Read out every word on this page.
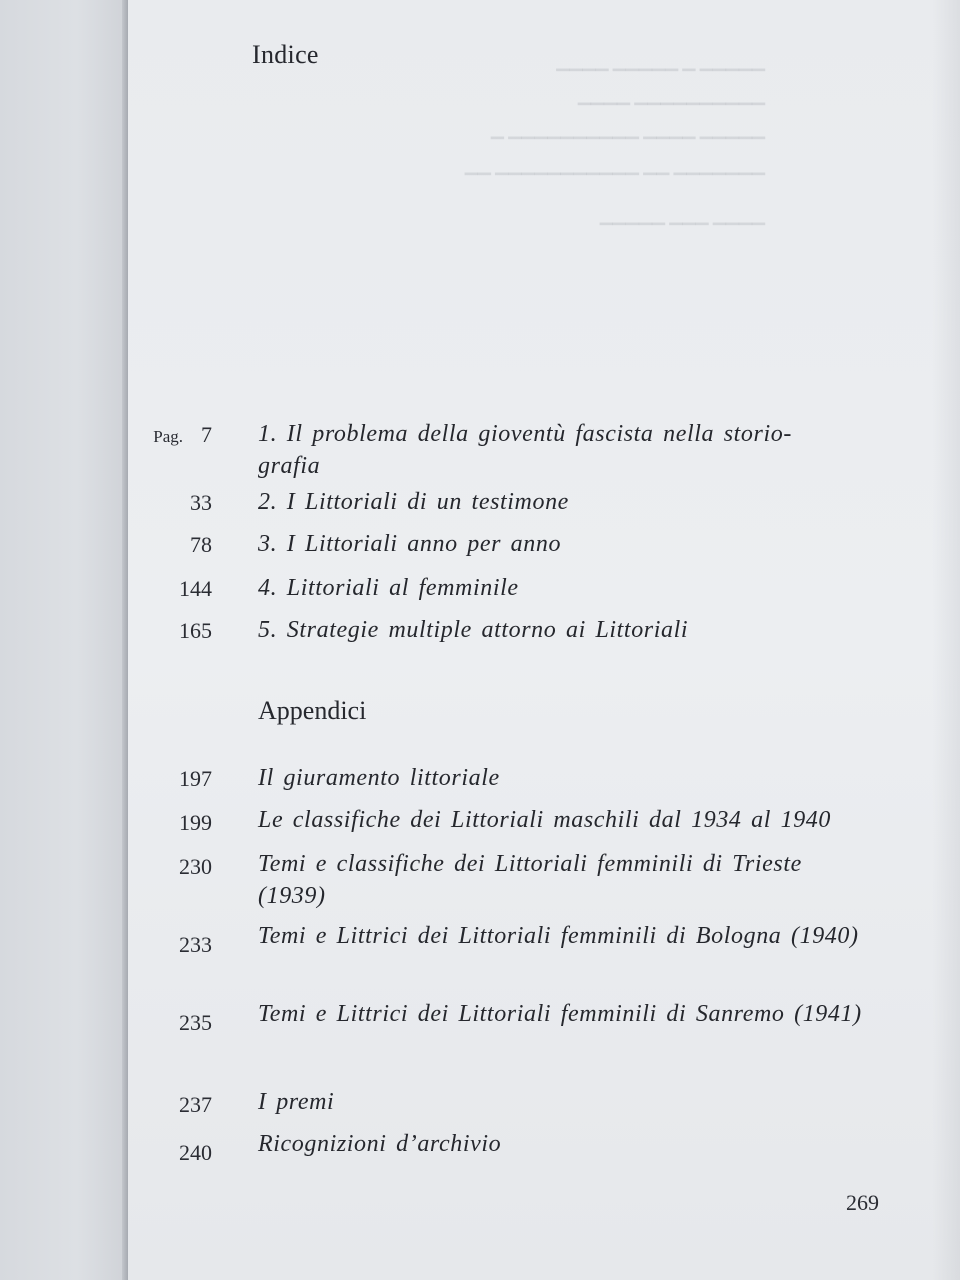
Indice	▁▁▁▁ ▁▁▁▁▁ ▁ ▁▁▁▁▁
▁▁▁▁ ▁▁▁▁▁▁▁▁▁▁
▁ ▁▁▁▁▁▁▁▁▁▁ ▁▁▁▁ ▁▁▁▁▁
▁▁ ▁▁▁▁▁▁▁▁▁▁▁ ▁▁ ▁▁▁▁▁▁▁
▁▁▁▁▁ ▁▁▁ ▁▁▁▁
Pag. 7 1. Il problema della gioventù fascista nella storio-
grafia
33 2. I Littoriali di un testimone
78 3. I Littoriali anno per anno
144 4. Littoriali al femminile
165 5. Strategie multiple attorno ai Littoriali
Appendici
197 Il giuramento littoriale
199 Le classifiche dei Littoriali maschili dal 1934 al 1940
230 Temi e classifiche dei Littoriali femminili di Trieste (1939)
233 Temi e Littrici dei Littoriali femminili di Bologna (1940)
235 Temi e Littrici dei Littoriali femminili di Sanremo (1941)
237 I premi
240 Ricognizioni d’archivio
269
